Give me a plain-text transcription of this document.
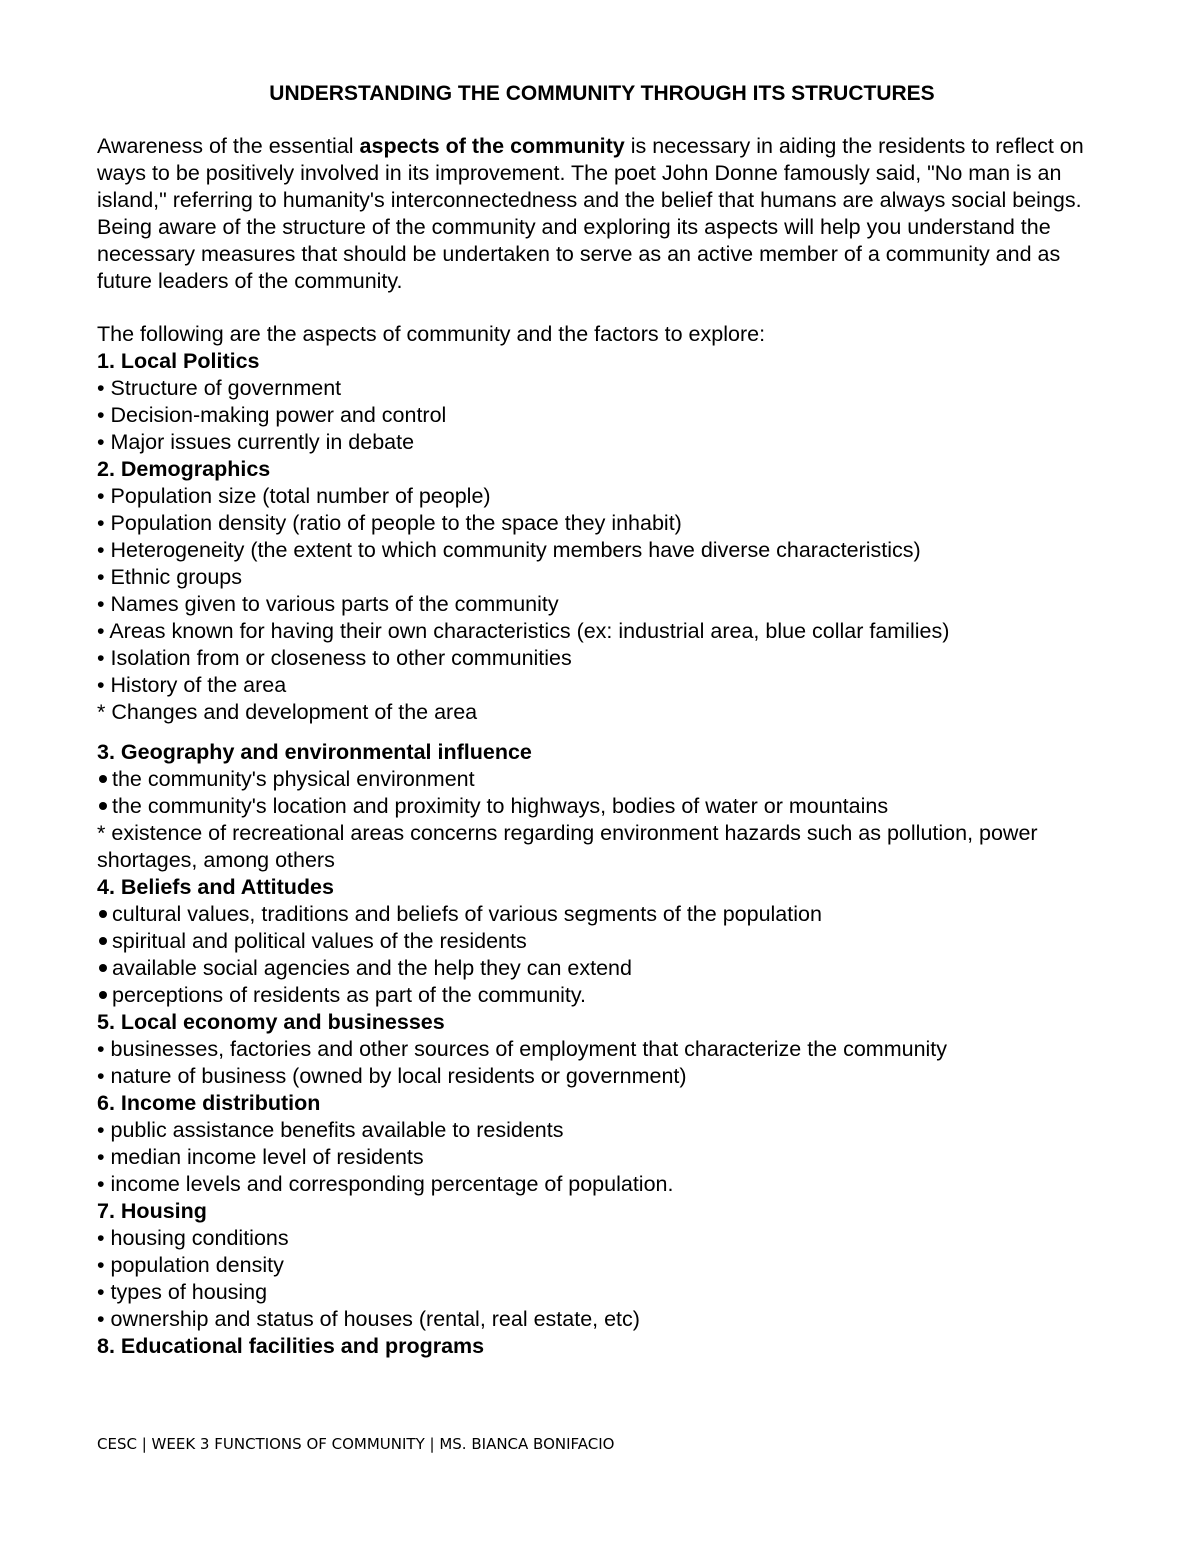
UNDERSTANDING THE COMMUNITY THROUGH ITS STRUCTURES

Awareness of the essential aspects of the community is necessary in aiding the residents to reflect on ways to be positively involved in its improvement. The poet John Donne famously said, "No man is an island," referring to humanity's interconnectedness and the belief that humans are always social beings. Being aware of the structure of the community and exploring its aspects will help you understand the necessary measures that should be undertaken to serve as an active member of a community and as future leaders of the community.

The following are the aspects of community and the factors to explore:

1. Local Politics
• Structure of government
• Decision-making power and control
• Major issues currently in debate
2. Demographics
• Population size (total number of people)
• Population density (ratio of people to the space they inhabit)
• Heterogeneity (the extent to which community members have diverse characteristics)
• Ethnic groups
• Names given to various parts of the community
• Areas known for having their own characteristics (ex: industrial area, blue collar families)
• Isolation from or closeness to other communities
• History of the area
* Changes and development of the area
3. Geography and environmental influence
the community's physical environment
the community's location and proximity to highways, bodies of water or mountains
* existence of recreational areas concerns regarding environment hazards such as pollution, power shortages, among others
4. Beliefs and Attitudes
cultural values, traditions and beliefs of various segments of the population
spiritual and political values of the residents
available social agencies and the help they can extend
perceptions of residents as part of the community.
5. Local economy and businesses
• businesses, factories and other sources of employment that characterize the community
• nature of business (owned by local residents or government)
6. Income distribution
• public assistance benefits available to residents
• median income level of residents
• income levels and corresponding percentage of population.
7. Housing
• housing conditions
• population density
• types of housing
• ownership and status of houses (rental, real estate, etc)
8. Educational facilities and programs
CESC | WEEK 3 FUNCTIONS OF COMMUNITY | MS. BIANCA BONIFACIO
